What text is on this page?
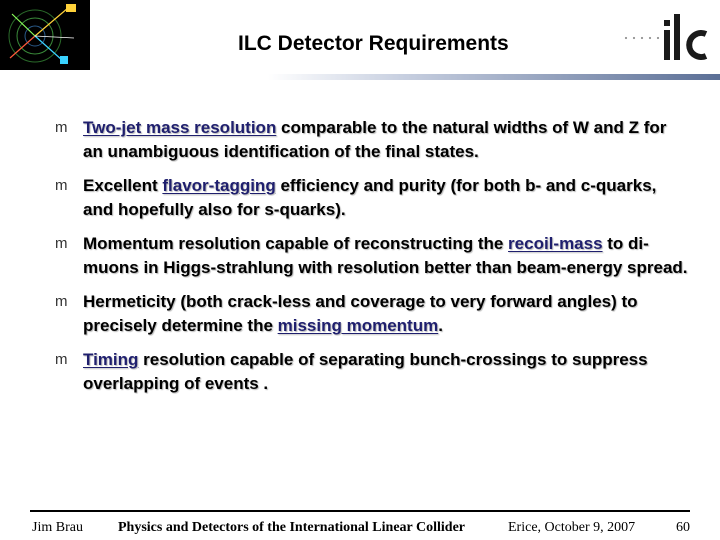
ILC Detector Requirements
m Two-jet mass resolution comparable to the natural widths of W and Z for an unambiguous identification of the final states.
m Excellent flavor-tagging efficiency and purity (for both b- and c-quarks, and hopefully also for s-quarks).
m Momentum resolution capable of reconstructing the recoil-mass to di-muons in Higgs-strahlung with resolution better than beam-energy spread.
m Hermeticity (both crack-less and coverage to very forward angles) to precisely determine the missing momentum.
m Timing resolution capable of separating bunch-crossings to suppress overlapping of events .
Jim Brau	Physics and Detectors of the International Linear Collider	Erice, October 9, 2007	60
